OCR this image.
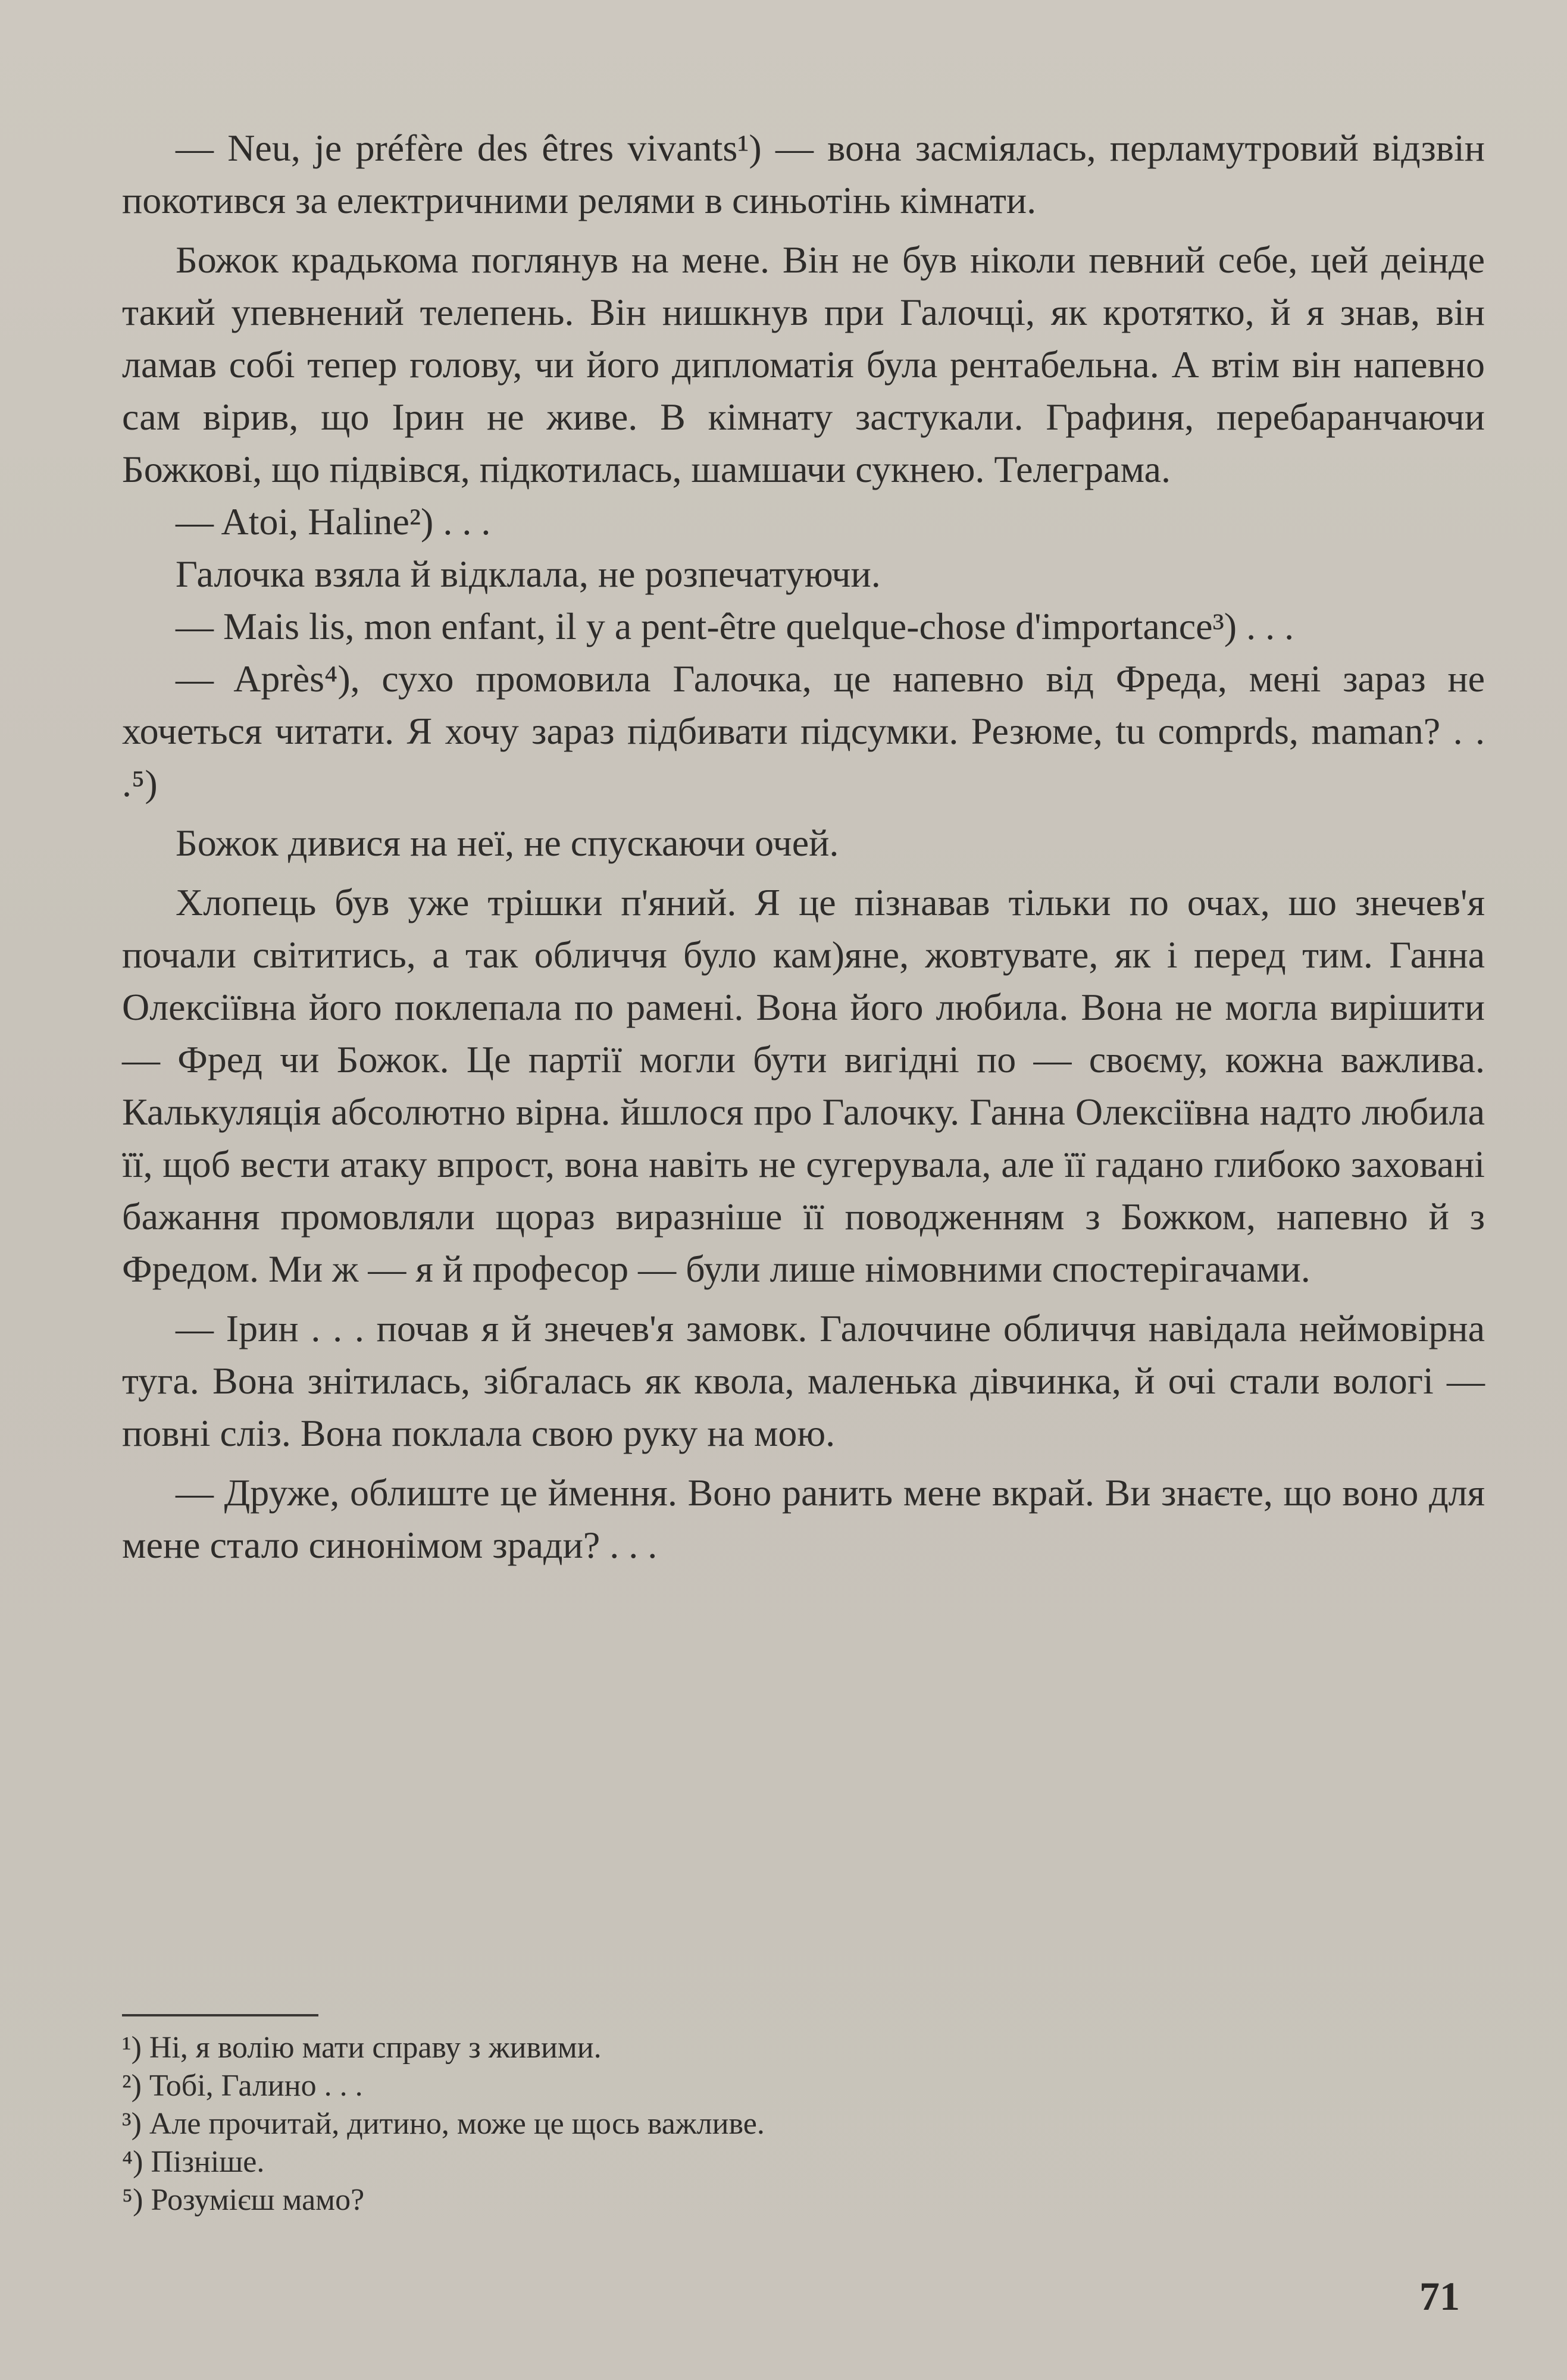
— Neu, je préfère des êtres vivants¹) — вона засміялась, перламутровий відзвін покотився за електричними релями в синьотінь кімнати.

Божок крадькома поглянув на мене. Він не був ніколи певний себе, цей деінде такий упевнений телепень. Він нишкнув при Галочці, як кротятко, й я знав, він ламав собі тепер голову, чи його дипломатія була рентабельна. А втім він напевно сам вірив, що Ірин не живе. В кімнату застукали. Графиня, перебаранчаючи Божкові, що підвівся, підкотилась, шамшачи сукнею. Телеграма.

— Atoi, Haline²) . . .

Галочка взяла й відклала, не розпечатуючи.

— Mais lis, mon enfant, il y a pent-être quelque-chose d'importance³) . . .

— Après⁴), сухо промовила Галочка, це напевно від Фреда, мені зараз не хочеться читати. Я хочу зараз підбивати підсумки. Резюме, tu comprds, maman? . . .⁵)

Божок дивися на неї, не спускаючи очей.

Хлопець був уже трішки п'яний. Я це пізнавав тільки по очах, шо знечев'я почали світитись, а так обличчя було кам)яне, жовтувате, як і перед тим. Ганна Олексіївна його поклепала по рамені. Вона його любила. Вона не могла вирішити — Фред чи Божок. Це партії могли бути вигідні по — своєму, кожна важлива. Калькуляція абсолютно вірна. йшлося про Галочку. Ганна Олексіївна надто любила її, щоб вести атаку впрост, вона навіть не сугерувала, але її гадано глибоко заховані бажання промовляли щораз виразніше її поводженням з Божком, напевно й з Фредом. Ми ж — я й професор — були лише німовними спостерігачами.

— Ірин . . . почав я й знечев'я замовк. Галоччине обличчя навідала неймовірна туга. Вона знітилась, зібгалась як квола, маленька дівчинка, й очі стали вологі — повні сліз. Вона поклала свою руку на мою.

— Друже, облиште це ймення. Воно ранить мене вкрай. Ви знаєте, що воно для мене стало синонімом зради? . . .

¹) Ні, я волію мати справу з живими.

²) Тобі, Галино . . .

³) Але прочитай, дитино, може це щось важливе.

⁴) Пізніше.

⁵) Розумієш мамо?

71
